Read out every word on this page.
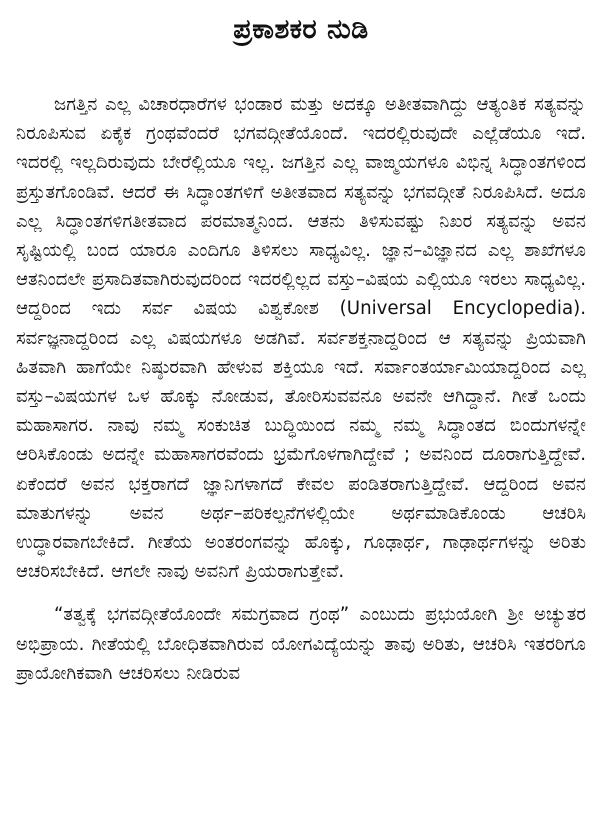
ಪ್ರಕಾಶಕರ ನುಡಿ

ಜಗತ್ತಿನ ಎಲ್ಲ ವಿಚಾರಧಾರೆಗಳ ಭಂಡಾರ ಮತ್ತು ಅದಕ್ಕೂ ಅತೀತವಾಗಿದ್ದು ಆತ್ಯಂತಿಕ ಸತ್ಯವನ್ನು ನಿರೂಪಿಸುವ ಏಕೈಕ ಗ್ರಂಥವೆಂದರೆ ಭಗವದ್ಗೀತೆಯೊಂದೆ. ಇದರಲ್ಲಿರುವುದೇ ಎಲ್ಲೆಡೆಯೂ ಇದೆ. ಇದರಲ್ಲಿ ಇಲ್ಲದಿರುವುದು ಬೇರೆಲ್ಲಿಯೂ ಇಲ್ಲ. ಜಗತ್ತಿನ ಎಲ್ಲ ವಾಙ್ಮಯಗಳೂ ವಿಭಿನ್ನ ಸಿದ್ಧಾಂತಗಳಿಂದ ಪ್ರಸ್ತುತಗೊಂಡಿವೆ. ಆದರೆ ಈ ಸಿದ್ಧಾಂತಗಳಿಗೆ ಅತೀತವಾದ ಸತ್ಯವನ್ನು ಭಗವದ್ಗೀತೆ ನಿರೂಪಿಸಿದೆ. ಅದೂ ಎಲ್ಲ ಸಿದ್ಧಾಂತಗಳಿಗತೀತವಾದ ಪರಮಾತ್ಮನಿಂದ. ಆತನು ತಿಳಿಸುವಷ್ಟು ನಿಖರ ಸತ್ಯವನ್ನು ಅವನ ಸೃಷ್ಟಿಯಲ್ಲಿ ಬಂದ ಯಾರೂ ಎಂದಿಗೂ ತಿಳಿಸಲು ಸಾಧ್ಯವಿಲ್ಲ. ಜ್ಞಾನ–ವಿಜ್ಞಾನದ ಎಲ್ಲ ಶಾಖೆಗಳೂ ಆತನಿಂದಲೇ ಪ್ರಸಾದಿತವಾಗಿರುವುದರಿಂದ ಇದರಲ್ಲಿಲ್ಲದ ವಸ್ತು–ವಿಷಯ ಎಲ್ಲಿಯೂ ಇರಲು ಸಾಧ್ಯವಿಲ್ಲ. ಆದ್ದರಿಂದ ಇದು ಸರ್ವ ವಿಷಯ ವಿಶ್ವಕೋಶ (Universal Encyclopedia). ಸರ್ವಜ್ಞನಾದ್ದರಿಂದ ಎಲ್ಲ ವಿಷಯಗಳೂ ಅಡಗಿವೆ. ಸರ್ವಶಕ್ತನಾದ್ದರಿಂದ ಆ ಸತ್ಯವನ್ನು ಪ್ರಿಯವಾಗಿ ಹಿತವಾಗಿ ಹಾಗೆಯೇ ನಿಷ್ಠುರವಾಗಿ ಹೇಳುವ ಶಕ್ತಿಯೂ ಇದೆ. ಸರ್ವಾಂತರ್ಯಾಮಿಯಾದ್ದರಿಂದ ಎಲ್ಲ ವಸ್ತು–ವಿಷಯಗಳ ಒಳ ಹೊಕ್ಕು ನೋಡುವ, ತೋರಿಸುವವನೂ ಅವನೇ ಆಗಿದ್ದಾನೆ. ಗೀತೆ ಒಂದು ಮಹಾಸಾಗರ. ನಾವು ನಮ್ಮ ಸಂಕುಚಿತ ಬುದ್ಧಿಯಿಂದ ನಮ್ಮ ನಮ್ಮ ಸಿದ್ಧಾಂತದ ಬಿಂದುಗಳನ್ನೇ ಆರಿಸಿಕೊಂಡು ಅದನ್ನೇ ಮಹಾಸಾಗರವೆಂದು ಭ್ರಮೆಗೊಳಗಾಗಿದ್ದೇವೆ ; ಅವನಿಂದ ದೂರಾಗುತ್ತಿದ್ದೇವೆ. ಏಕೆಂದರೆ ಅವನ ಭಕ್ತರಾಗದೆ ಜ್ಞಾನಿಗಳಾಗದೆ ಕೇವಲ ಪಂಡಿತರಾಗುತ್ತಿದ್ದೇವೆ. ಆದ್ದರಿಂದ ಅವನ ಮಾತುಗಳನ್ನು ಅವನ ಅರ್ಥ–ಪರಿಕಲ್ಪನೆಗಳಲ್ಲಿಯೇ ಅರ್ಥಮಾಡಿಕೊಂಡು ಆಚರಿಸಿ ಉದ್ಧಾರವಾಗಬೇಕಿದೆ. ಗೀತೆಯ ಅಂತರಂಗವನ್ನು ಹೊಕ್ಕು, ಗೂಢಾರ್ಥ, ಗಾಢಾರ್ಥಗಳನ್ನು ಅರಿತು ಆಚರಿಸಬೇಕಿದೆ. ಆಗಲೇ ನಾವು ಅವನಿಗೆ ಪ್ರಿಯರಾಗುತ್ತೇವೆ.

“ತತ್ವಕ್ಕೆ ಭಗವದ್ಗೀತೆಯೊಂದೇ ಸಮಗ್ರವಾದ ಗ್ರಂಥ” ಎಂಬುದು ಪ್ರಭುಯೋಗಿ ಶ್ರೀ ಅಚ್ಯುತರ ಅಭಿಪ್ರಾಯ. ಗೀತೆಯಲ್ಲಿ ಬೋಧಿತವಾಗಿರುವ ಯೋಗವಿದ್ಯೆಯನ್ನು ತಾವು ಅರಿತು, ಆಚರಿಸಿ ಇತರರಿಗೂ ಪ್ರಾಯೋಗಿಕವಾಗಿ ಆಚರಿಸಲು ನೀಡಿರುವ
